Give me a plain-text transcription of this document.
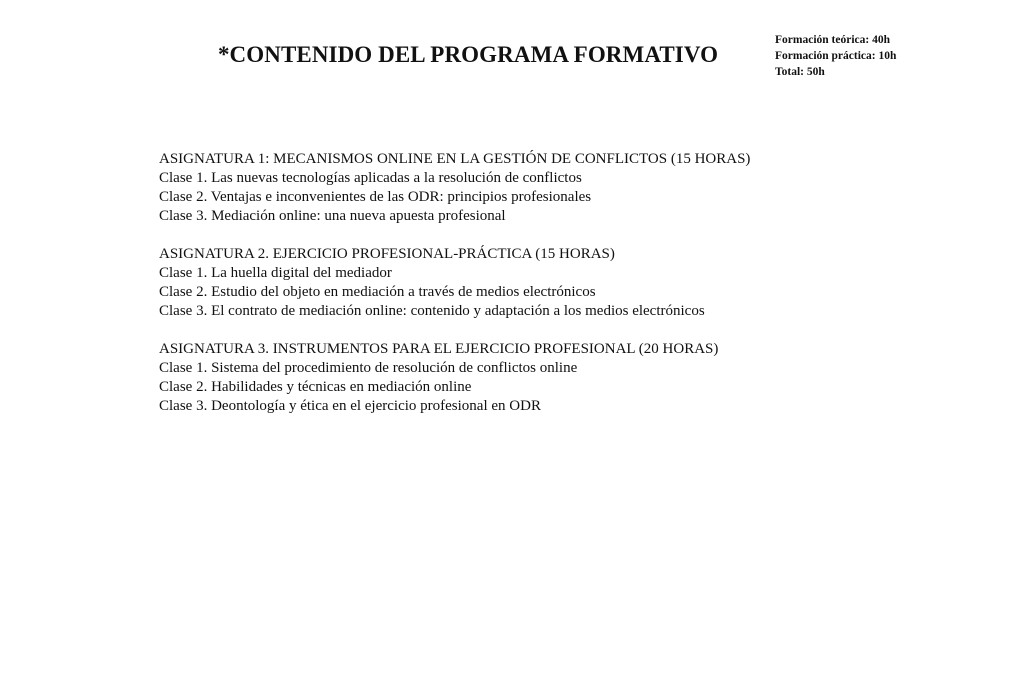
*CONTENIDO DEL PROGRAMA FORMATIVO
Formación teórica: 40h
Formación práctica: 10h
Total: 50h
ASIGNATURA 1: MECANISMOS ONLINE EN LA GESTIÓN DE CONFLICTOS (15 HORAS)
Clase 1. Las nuevas tecnologías aplicadas a la resolución de conflictos
Clase 2. Ventajas e inconvenientes de las ODR: principios profesionales
Clase 3. Mediación online: una nueva apuesta profesional
ASIGNATURA 2. EJERCICIO PROFESIONAL-PRÁCTICA (15 HORAS)
Clase 1. La huella digital del mediador
Clase 2. Estudio del objeto en mediación a través de medios electrónicos
Clase 3. El contrato de mediación online: contenido y adaptación a los medios electrónicos
ASIGNATURA 3. INSTRUMENTOS PARA EL EJERCICIO PROFESIONAL (20 HORAS)
Clase 1. Sistema del procedimiento de resolución de conflictos online
Clase 2. Habilidades y técnicas en mediación online
Clase 3. Deontología y ética en el ejercicio profesional en ODR
